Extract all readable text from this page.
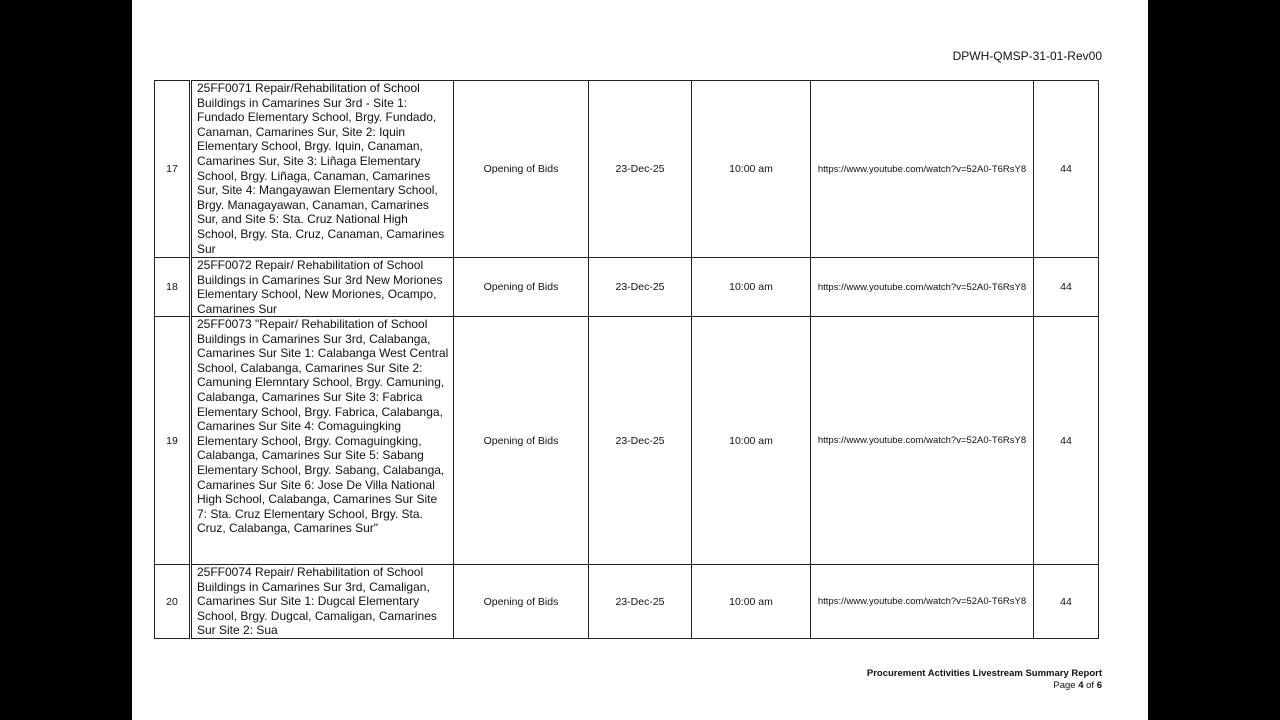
DPWH-QMSP-31-01-Rev00
17	25FF0071 Repair/Rehabilitation of School Buildings in Camarines Sur 3rd - Site 1: Fundado Elementary School, Brgy. Fundado, Canaman, Camarines Sur, Site 2: Iquin Elementary School, Brgy. Iquin, Canaman, Camarines Sur, Site 3: Liñaga Elementary School, Brgy. Liñaga, Canaman, Camarines Sur, Site 4: Mangayawan Elementary School, Brgy. Managayawan, Canaman, Camarines Sur, and Site 5: Sta. Cruz National High School, Brgy. Sta. Cruz, Canaman, Camarines Sur	Opening of Bids	23-Dec-25	10:00 am	https://www.youtube.com/watch?v=52A0-T6RsY8	44
18	25FF0072 Repair/ Rehabilitation of School Buildings in Camarines Sur 3rd New Moriones Elementary School, New Moriones, Ocampo, Camarines Sur	Opening of Bids	23-Dec-25	10:00 am	https://www.youtube.com/watch?v=52A0-T6RsY8	44
19	25FF0073 "Repair/ Rehabilitation of School Buildings in Camarines Sur 3rd, Calabanga, Camarines Sur Site 1: Calabanga West Central School, Calabanga, Camarines Sur Site 2: Camuning Elemntary School, Brgy. Camuning, Calabanga, Camarines Sur Site 3: Fabrica Elementary School, Brgy. Fabrica, Calabanga, Camarines Sur Site 4: Comaguingking Elementary School, Brgy. Comaguingking, Calabanga, Camarines Sur Site 5: Sabang Elementary School, Brgy. Sabang, Calabanga, Camarines Sur Site 6: Jose De Villa National High School, Calabanga, Camarines Sur Site 7: Sta. Cruz Elementary School, Brgy. Sta. Cruz, Calabanga, Camarines Sur"	Opening of Bids	23-Dec-25	10:00 am	https://www.youtube.com/watch?v=52A0-T6RsY8	44
20	25FF0074 Repair/ Rehabilitation of School Buildings in Camarines Sur 3rd, Camaligan, Camarines Sur Site 1: Dugcal Elementary School, Brgy. Dugcal, Camaligan, Camarines Sur Site 2: Sua	Opening of Bids	23-Dec-25	10:00 am	https://www.youtube.com/watch?v=52A0-T6RsY8	44
Procurement Activities Livestream Summary Report
Page 4 of 6
